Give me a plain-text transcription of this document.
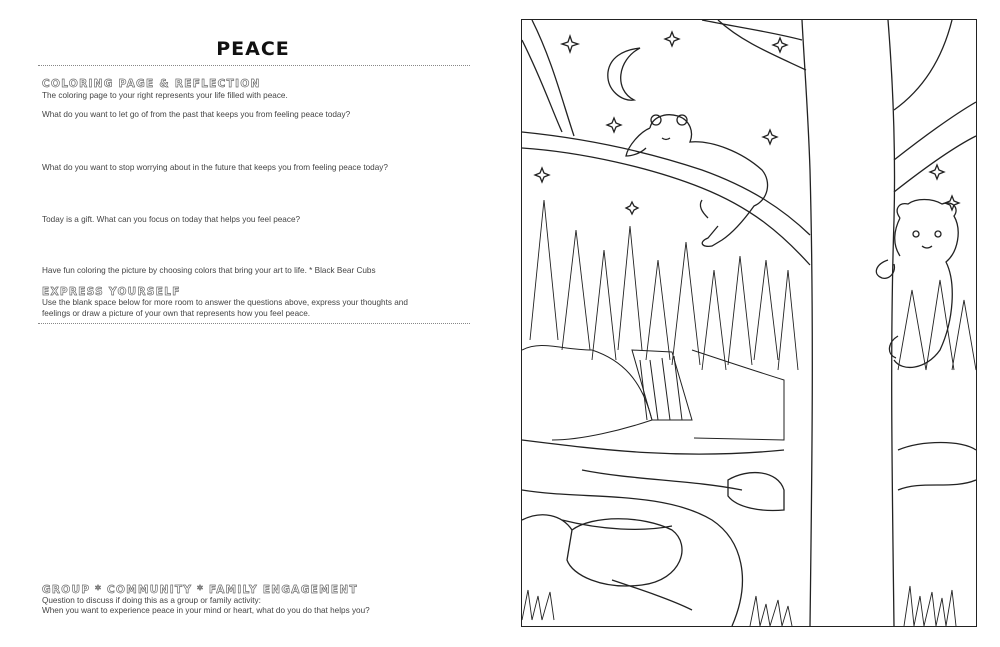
PEACE
COLORING PAGE & REFLECTION
The coloring page to your right represents your life filled with peace.
What do you want to let go of from the past that keeps you from feeling peace today?
What do you want to stop worrying about in the future that keeps you from feeling peace today?
Today is a gift. What can you focus on today that helps you feel peace?
Have fun coloring the picture by choosing colors that bring your art to life. * Black Bear Cubs
EXPRESS YOURSELF
Use the blank space below for more room to answer the questions above, express your thoughts and
feelings or draw a picture of your own that represents how you feel peace.
GROUP * COMMUNITY * FAMILY ENGAGEMENT
Question to discuss if doing this as a group or family activity:
When you want to experience peace in your mind or heart, what do you do that helps you?
